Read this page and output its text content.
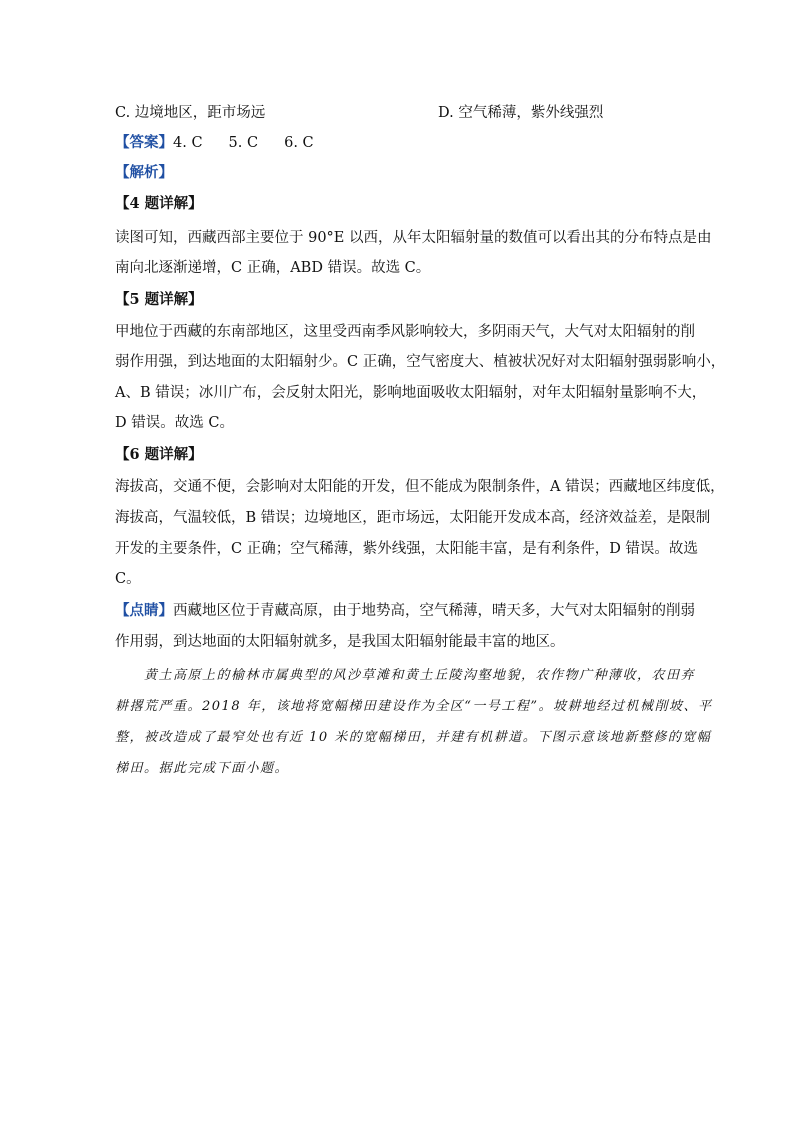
C. 边境地区，距市场远	D. 空气稀薄，紫外线强烈
【答案】4. C 5. C 6. C
【解析】
【4 题详解】
读图可知，西藏西部主要位于 90°E 以西，从年太阳辐射量的数值可以看出其的分布特点是由
南向北逐渐递增，C 正确，ABD 错误。故选 C。
【5 题详解】
甲地位于西藏的东南部地区，这里受西南季风影响较大，多阴雨天气，大气对太阳辐射的削
弱作用强，到达地面的太阳辐射少。C 正确，空气密度大、植被状况好对太阳辐射强弱影响小，
A、B 错误；冰川广布，会反射太阳光，影响地面吸收太阳辐射，对年太阳辐射量影响不大，
D 错误。故选 C。
【6 题详解】
海拔高，交通不便，会影响对太阳能的开发，但不能成为限制条件，A 错误；西藏地区纬度低，
海拔高，气温较低，B 错误；边境地区，距市场远，太阳能开发成本高，经济效益差，是限制
开发的主要条件，C 正确；空气稀薄，紫外线强，太阳能丰富，是有利条件，D 错误。故选
C。
【点睛】西藏地区位于青藏高原，由于地势高，空气稀薄，晴天多，大气对太阳辐射的削弱
作用弱，到达地面的太阳辐射就多，是我国太阳辐射能最丰富的地区。
黄土高原上的榆林市属典型的风沙草滩和黄土丘陵沟壑地貌，农作物广种薄收，农田弃
耕撂荒严重。2018 年，该地将宽幅梯田建设作为全区“一号工程”。坡耕地经过机械削坡、平
整，被改造成了最窄处也有近 10 米的宽幅梯田，并建有机耕道。下图示意该地新整修的宽幅
梯田。据此完成下面小题。
